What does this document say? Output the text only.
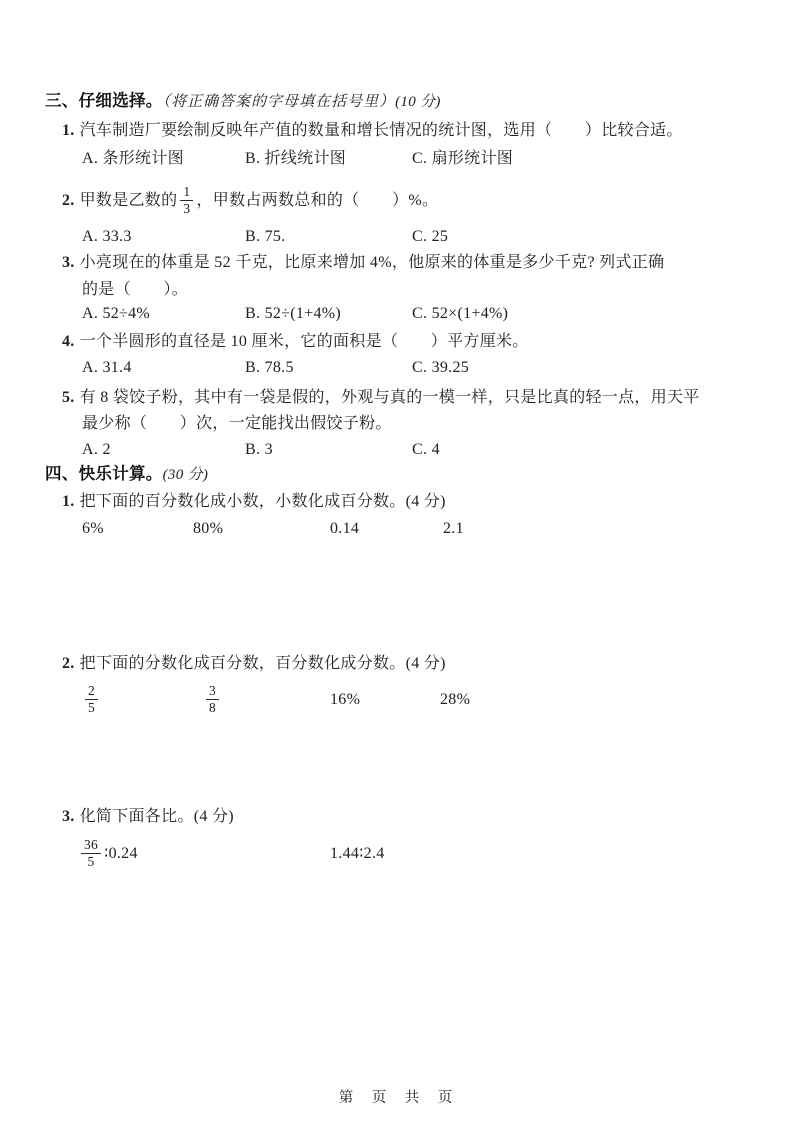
三、仔细选择。（将正确答案的字母填在括号里）(10 分)
1. 汽车制造厂要绘制反映年产值的数量和增长情况的统计图，选用（　　）比较合适。
A. 条形统计图	B. 折线统计图	C. 扇形统计图
2. 甲数是乙数的 $\frac{1}{3}$ ，甲数占两数总和的（　　）%。
A. 33.3	B. 75.	C. 25
3. 小亮现在的体重是 52 千克，比原来增加 4%，他原来的体重是多少千克? 列式正确
的是（　　）。
A. 52÷4%	B. 52÷(1+4%)	C. 52×(1+4%)
4. 一个半圆形的直径是 10 厘米，它的面积是（　　）平方厘米。
A. 31.4	B. 78.5	C. 39.25
5. 有 8 袋饺子粉，其中有一袋是假的，外观与真的一模一样，只是比真的轻一点，用天平
最少称（　　）次，一定能找出假饺子粉。
A. 2	B. 3	C. 4
四、快乐计算。(30 分)
1. 把下面的百分数化成小数，小数化成百分数。(4 分)
6%	80%	0.14	2.1
2. 把下面的分数化成百分数，百分数化成分数。(4 分)
$\frac{2}{5}$	$\frac{3}{8}$	16%	28%
3. 化简下面各比。(4 分)
$\frac{36}{5}$ ∶0.24	1.44∶2.4
第　页　共　页
